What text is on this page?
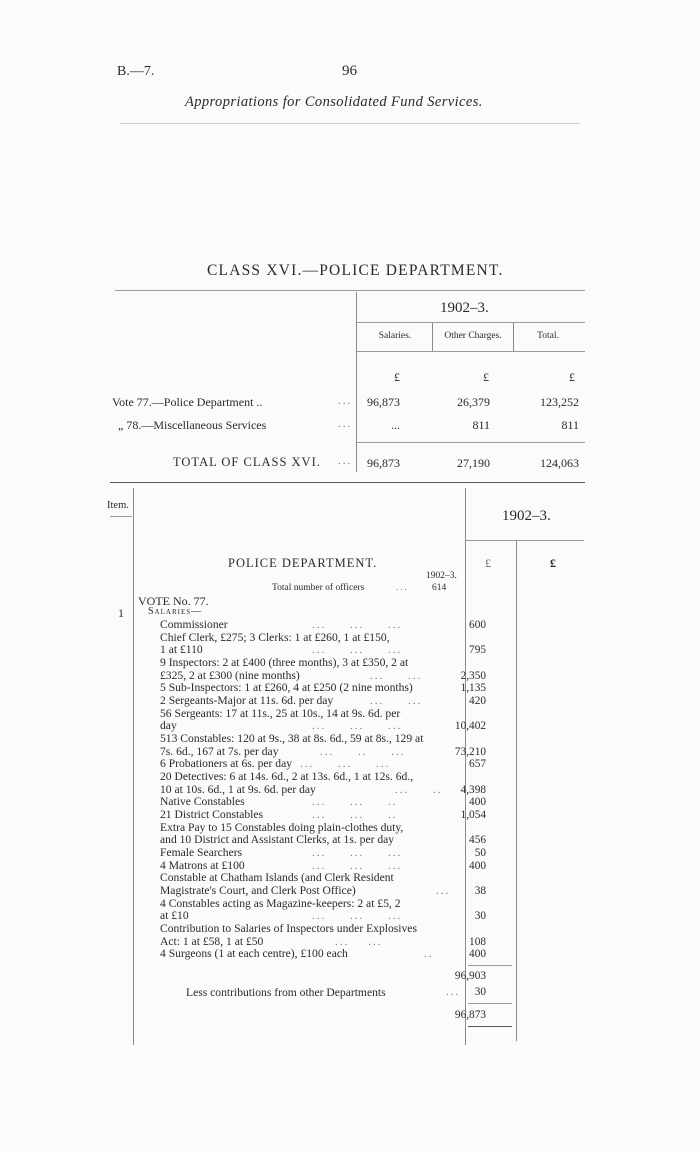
B.—7.	96
Appropriations for Consolidated Fund Services.
CLASS XVI.—POLICE DEPARTMENT.
1902–3.
Salaries.	Other Charges.	Total.
£	£	£
Vote 77.—Police Department ..	...	96,873	26,379	123,252
„ 78.—Miscellaneous Services	...	...	811	811
TOTAL OF CLASS XVI. ...	96,873	27,190	124,063
Item.
1902–3.
£	£
POLICE DEPARTMENT.
1902–3.
Total number of officers	... 614
VOTE No. 77.
1 Salaries—
Commissioner	600
Chief Clerk, £275; 3 Clerks: 1 at £260, 1 at £150,
1 at £110	795
9 Inspectors: 2 at £400 (three months), 3 at £350, 2 at
£325, 2 at £300 (nine months)	2,350
5 Sub-Inspectors: 1 at £260, 4 at £250 (2 nine months)	1,135
2 Sergeants-Major at 11s. 6d. per day	420
56 Sergeants: 17 at 11s., 25 at 10s., 14 at 9s. 6d. per
day	10,402
513 Constables: 120 at 9s., 38 at 8s. 6d., 59 at 8s., 129 at
7s. 6d., 167 at 7s. per day	73,210
6 Probationers at 6s. per day	657
20 Detectives: 6 at 14s. 6d., 2 at 13s. 6d., 1 at 12s. 6d.,
10 at 10s. 6d., 1 at 9s. 6d. per day	4,398
Native Constables	400
21 District Constables	1,054
Extra Pay to 15 Constables doing plain-clothes duty,
and 10 District and Assistant Clerks, at 1s. per day	456
Female Searchers	50
4 Matrons at £100	400
Constable at Chatham Islands (and Clerk Resident
Magistrate's Court, and Clerk Post Office)	38
4 Constables acting as Magazine-keepers: 2 at £5, 2
at £10	30
Contribution to Salaries of Inspectors under Explosives
Act: 1 at £58, 1 at £50	108
4 Surgeons (1 at each centre), £100 each	400
...     ...     ...
...     ...     ...
...     ...
...     ...
...     ...     ...
...     ..     ...
...     ...     ...
...     ..
...     ...     ..
...     ...     ..
...     ...     ...
...     ...     ...
...
...     ...     ...
...    ...
..
96,903
Less contributions from other Departments	...	30
96,873
